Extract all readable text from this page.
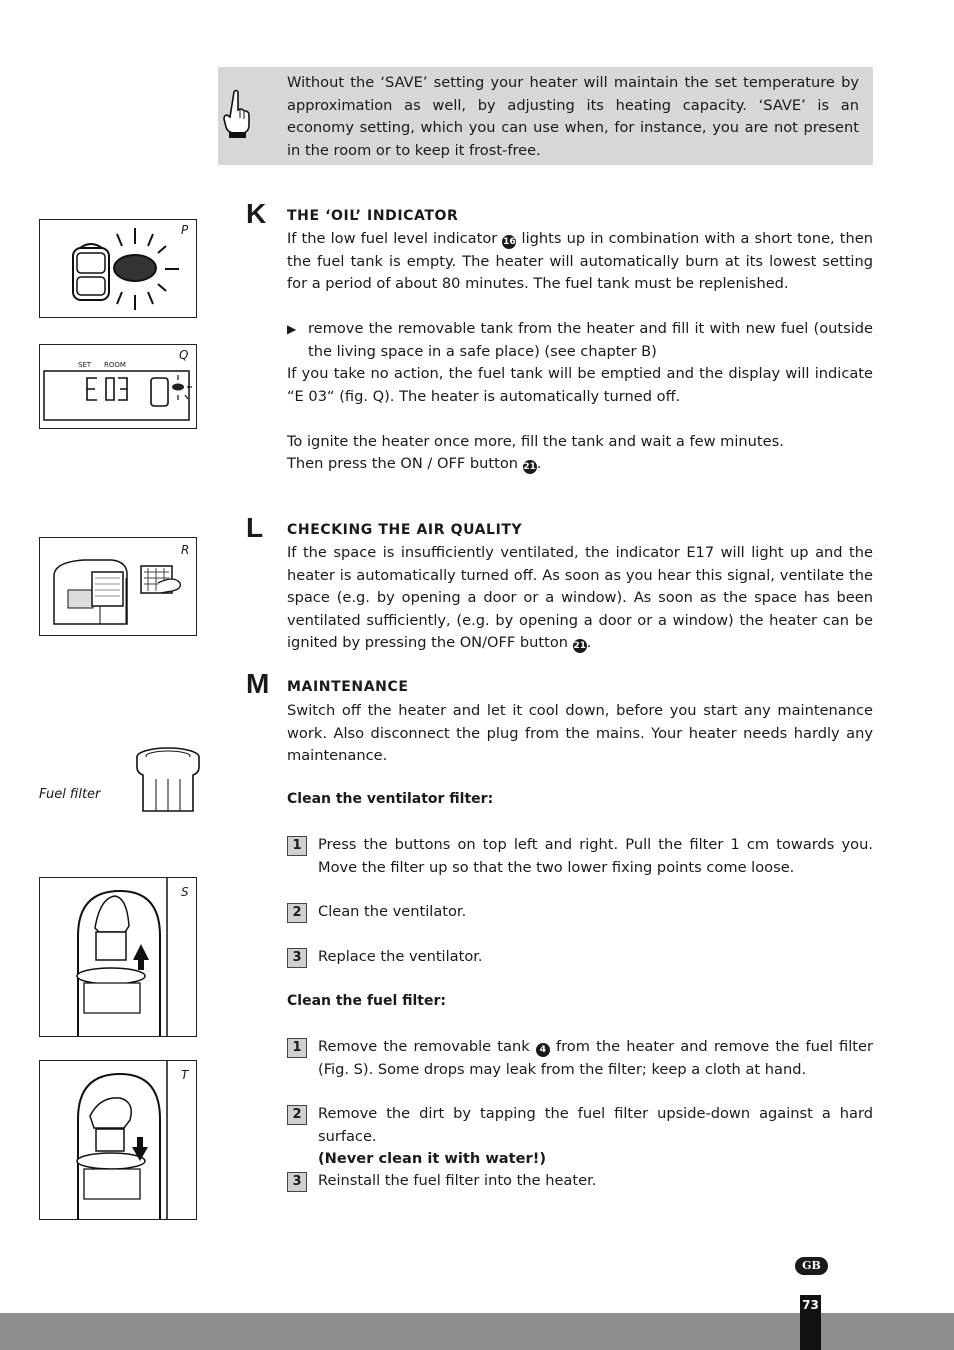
Without the ‘SAVE’ setting your heater will maintain the set temperature by approximation as well, by adjusting its heating capacity. ‘SAVE’ is an economy setting, which you can use when, for instance, you are not present in the room or to keep it frost-free.
K THE ‘OIL’ INDICATOR

If the low fuel level indicator 16 lights up in combination with a short tone, then the fuel tank is empty. The heater will automatically burn at its lowest setting for a period of about 80 minutes. The fuel tank must be replenished.

▶ remove the removable tank from the heater and fill it with new fuel (outside the living space in a safe place) (see chapter B)

If you take no action, the fuel tank will be emptied and the display will indicate “E 03“ (fig. Q). The heater is automatically turned off.

To ignite the heater once more, fill the tank and wait a few minutes.

Then press the ON / OFF button 21.

L CHECKING THE AIR QUALITY

If the space is insufficiently ventilated, the indicator E17 will light up and the heater is automatically turned off. As soon as you hear this signal, ventilate the space (e.g. by opening a door or a window). As soon as the space has been ventilated sufficiently, (e.g. by opening a door or a window) the heater can be ignited by pressing the ON/OFF button 21.

M MAINTENANCE
Switch off the heater and let it cool down, before you start any maintenance work. Also disconnect the plug from the mains. Your heater needs hardly any maintenance.
Clean the ventilator filter:
1	Press the buttons on top left and right. Pull the filter 1 cm towards you. Move the filter up so that the two lower fixing points come loose.
2	Clean the ventilator.
3	Replace the ventilator.
Clean the fuel filter:
1	Remove the removable tank 4 from the heater and remove the fuel filter (Fig. S). Some drops may leak from the filter; keep a cloth at hand.
2	Remove the dirt by tapping the fuel filter upside-down against a hard surface.
(Never clean it with water!)
3	Reinstall the fuel filter into the heater.
P
Q
SET ROOM
R
Fuel filter
S
T
GB
73
